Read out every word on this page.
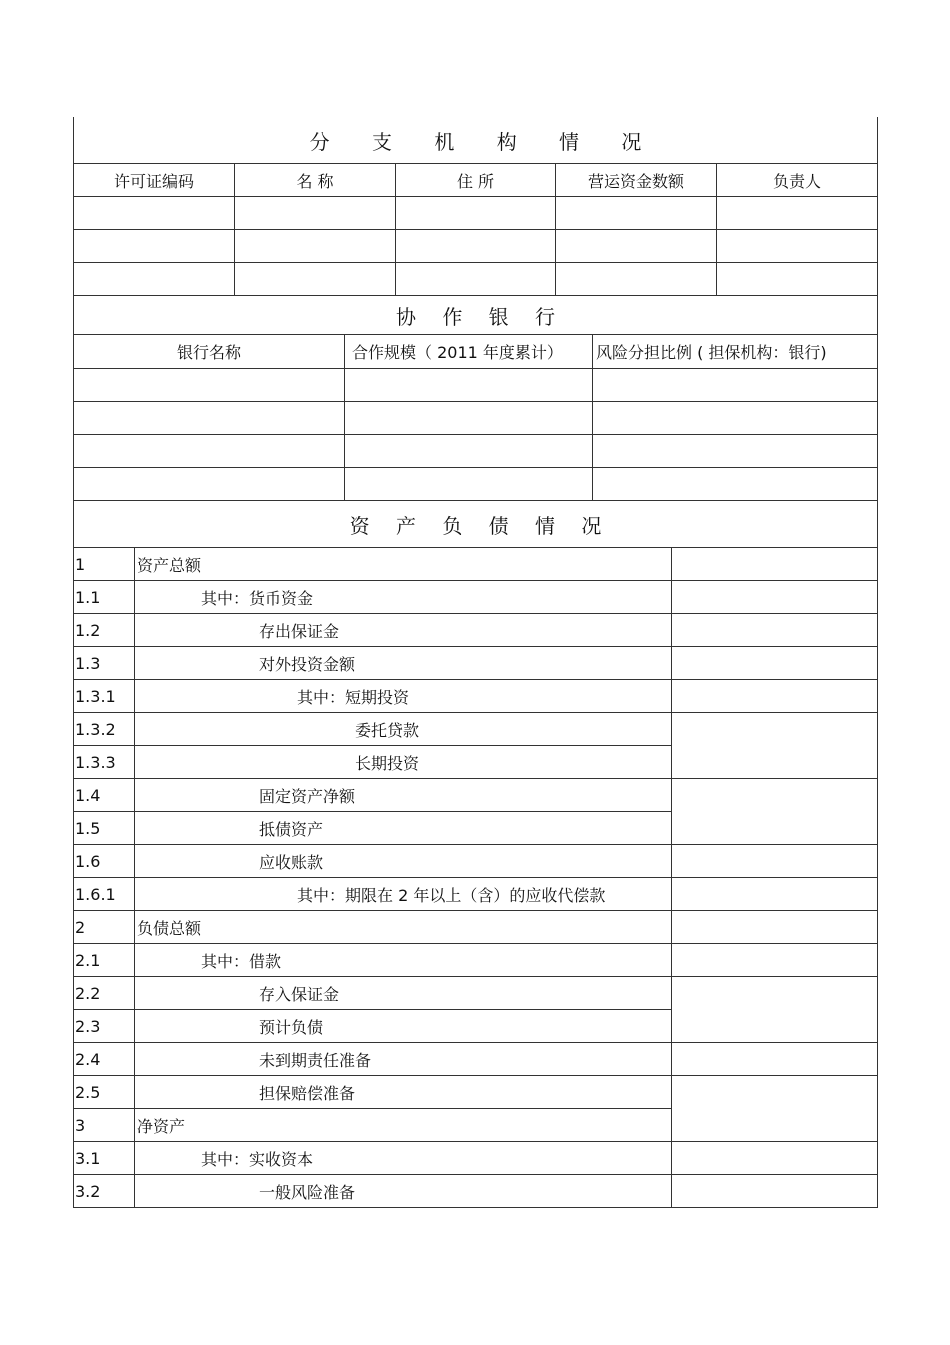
分 支 机 构 情 况				
许可证编码	名 称	住 所	营运资金数额	负责人

协 作 银 行		
银行名称	合作规模（ 2011 年度累计）	风险分担比例 ( 担保机构：银行)

资 产 负 债 情 况		
1	资产总额	
1.1	其中：货币资金	
1.2	存出保证金	
1.3	对外投资金额	
1.3.1	其中：短期投资	
1.3.2	委托贷款	
1.3.3	长期投资	
1.4	固定资产净额	
1.5	抵债资产	
1.6	应收账款	
1.6.1	其中：期限在 2 年以上（含）的应收代偿款	
2	负债总额	
2.1	其中：借款	
2.2	存入保证金	
2.3	预计负债	
2.4	未到期责任准备	
2.5	担保赔偿准备	
3	净资产	
3.1	其中：实收资本	
3.2	一般风险准备	
